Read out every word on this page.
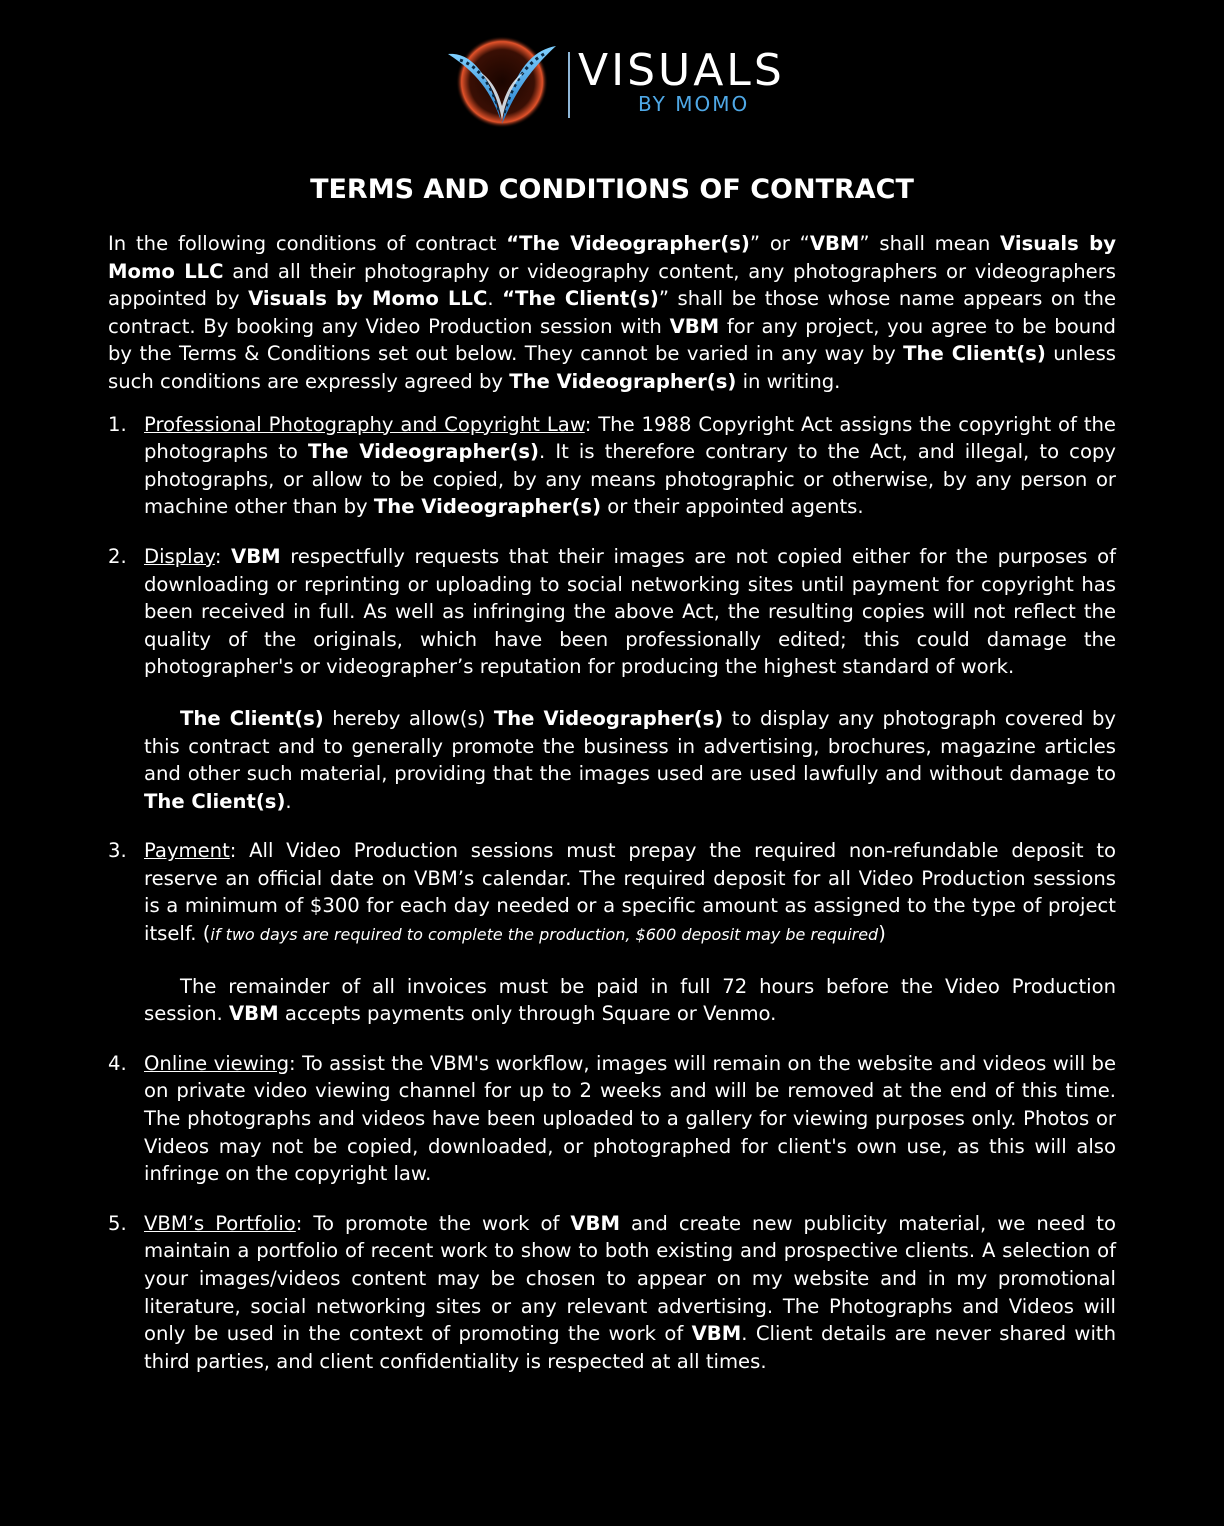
VISUALS
BY MOMO
TERMS AND CONDITIONS OF CONTRACT

In the following conditions of contract “The Videographer(s)” or “VBM” shall mean Visuals by Momo LLC and all their photography or videography content, any photographers or videographers appointed by Visuals by Momo LLC. “The Client(s)” shall be those whose name appears on the contract. By booking any Video Production session with VBM for any project, you agree to be bound by the Terms & Conditions set out below. They cannot be varied in any way by The Client(s) unless such conditions are expressly agreed by The Videographer(s) in writing.

1. Professional Photography and Copyright Law: The 1988 Copyright Act assigns the copyright of the photographs to The Videographer(s). It is therefore contrary to the Act, and illegal, to copy photographs, or allow to be copied, by any means photographic or otherwise, by any person or machine other than by The Videographer(s) or their appointed agents.

2. Display: VBM respectfully requests that their images are not copied either for the purposes of downloading or reprinting or uploading to social networking sites until payment for copyright has been received in full. As well as infringing the above Act, the resulting copies will not reflect the quality of the originals, which have been professionally edited; this could damage the photographer's or videographer’s reputation for producing the highest standard of work.

The Client(s) hereby allow(s) The Videographer(s) to display any photograph covered by this contract and to generally promote the business in advertising, brochures, magazine articles and other such material, providing that the images used are used lawfully and without damage to The Client(s).

3. Payment: All Video Production sessions must prepay the required non-refundable deposit to reserve an official date on VBM’s calendar. The required deposit for all Video Production sessions is a minimum of $300 for each day needed or a specific amount as assigned to the type of project itself. (if two days are required to complete the production, $600 deposit may be required)

The remainder of all invoices must be paid in full 72 hours before the Video Production session. VBM accepts payments only through Square or Venmo.

4. Online viewing: To assist the VBM's workflow, images will remain on the website and videos will be on private video viewing channel for up to 2 weeks and will be removed at the end of this time. The photographs and videos have been uploaded to a gallery for viewing purposes only. Photos or Videos may not be copied, downloaded, or photographed for client's own use, as this will also infringe on the copyright law.

5. VBM’s Portfolio: To promote the work of VBM and create new publicity material, we need to maintain a portfolio of recent work to show to both existing and prospective clients. A selection of your images/videos content may be chosen to appear on my website and in my promotional literature, social networking sites or any relevant advertising. The Photographs and Videos will only be used in the context of promoting the work of VBM. Client details are never shared with third parties, and client confidentiality is respected at all times.
